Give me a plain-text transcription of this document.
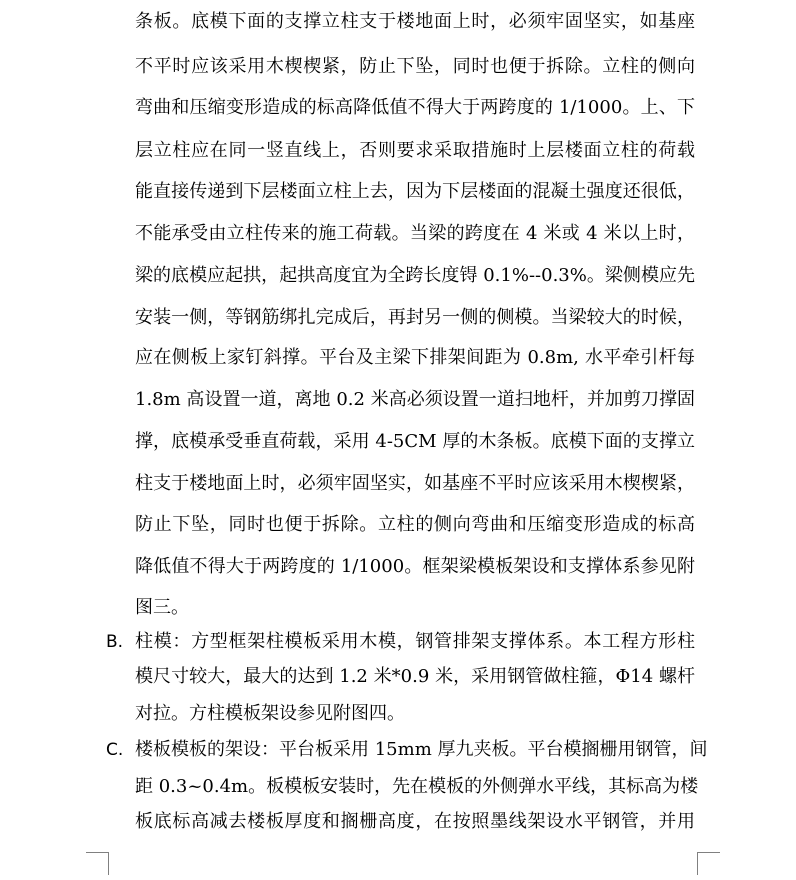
条板。底模下面的支撑立柱支于楼地面上时，必须牢固坚实，如基座
不平时应该采用木楔楔紧，防止下坠，同时也便于拆除。立柱的侧向
弯曲和压缩变形造成的标高降低值不得大于两跨度的 1/1000。上、下
层立柱应在同一竖直线上，否则要求采取措施时上层楼面立柱的荷载
能直接传递到下层楼面立柱上去，因为下层楼面的混凝土强度还很低，
不能承受由立柱传来的施工荷载。当梁的跨度在 4 米或 4 米以上时，
梁的底模应起拱，起拱高度宜为全跨长度锝 0.1%--0.3%。梁侧模应先
安装一侧，等钢筋绑扎完成后，再封另一侧的侧模。当梁较大的时候，
应在侧板上家钉斜撑。平台及主梁下排架间距为 0.8m, 水平牵引杆每
1.8m 高设置一道，离地 0.2 米高必须设置一道扫地杆，并加剪刀撑固
撑，底模承受垂直荷载，采用 4-5CM 厚的木条板。底模下面的支撑立
柱支于楼地面上时，必须牢固坚实，如基座不平时应该采用木楔楔紧，
防止下坠，同时也便于拆除。立柱的侧向弯曲和压缩变形造成的标高
降低值不得大于两跨度的 1/1000。框架梁模板架设和支撑体系参见附
图三。
B. 柱模：方型框架柱模板采用木模，钢管排架支撑体系。本工程方形柱
模尺寸较大，最大的达到 1.2 米*0.9 米，采用钢管做柱箍，Φ14 螺杆
对拉。方柱模板架设参见附图四。
C. 楼板模板的架设：平台板采用 15mm 厚九夹板。平台模搁栅用钢管，间
距 0.3~0.4m。板模板安装时，先在模板的外侧弹水平线，其标高为楼
板底标高减去楼板厚度和搁栅高度，在按照墨线架设水平钢管，并用
